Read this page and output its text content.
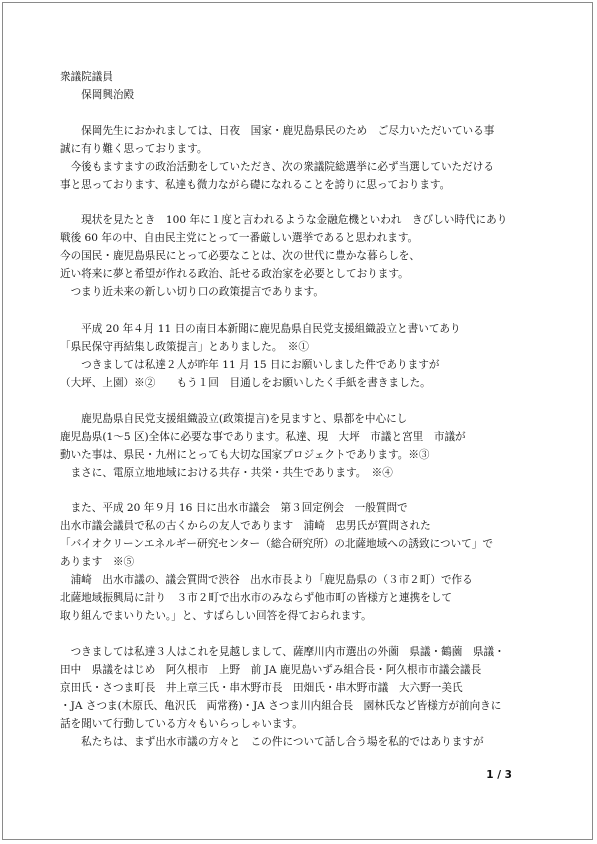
衆議院議員
　　保岡興治殿
　　保岡先生におかれましては、日夜　国家・鹿児島県民のため　ご尽力いただいている事
誠に有り難く思っております。
　今後もますますの政治活動をしていただき、次の衆議院総選挙に必ず当選していただける
事と思っております、私達も微力ながら礎になれることを誇りに思っております。
　　現状を見たとき　100 年に１度と言われるような金融危機といわれ　きびしい時代にあり
戦後 60 年の中、自由民主党にとって一番厳しい選挙であると思われます。
今の国民・鹿児島県民にとって必要なことは、次の世代に豊かな暮らしを、
近い将来に夢と希望が作れる政治、託せる政治家を必要としております。
　つまり近未来の新しい切り口の政策提言であります。
　　平成 20 年４月 11 日の南日本新聞に鹿児島県自民党支援組織設立と書いてあり
「県民保守再結集し政策提言」とありました。　※①
　　つきましては私達２人が昨年 11 月 15 日にお願いしました件でありますが
（大坪、上園）※②　　もう１回　目通しをお願いしたく手紙を書きました。
　　鹿児島県自民党支援組織設立(政策提言)を見ますと、県都を中心にし
鹿児島県(1～5 区)全体に必要な事であります。私達、現　大坪　市議と宮里　市議が
動いた事は、県民・九州にとっても大切な国家プロジェクトであります。※③
　まさに、電原立地地域における共存・共栄・共生であります。　※④
　また、平成 20 年９月 16 日に出水市議会　第３回定例会　一般質問で
出水市議会議員で私の古くからの友人であります　浦崎　忠男氏が質問された
「バイオクリーンエネルギー研究センター（総合研究所）の北薩地域への誘致について」で
あります　※⑤
　浦崎　出水市議の、議会質問で渋谷　出水市長より「鹿児島県の（３市２町）で作る
北薩地域振興局に計り　３市２町で出水市のみならず他市町の皆様方と連携をして
取り組んでまいりたい。」と、すばらしい回答を得ておられます。
　つきましては私達３人はこれを見越しまして、薩摩川内市選出の外薗　県議・鶴薗　県議・
田中　県議をはじめ　阿久根市　上野　前 JA 鹿児島いずみ組合長・阿久根市市議会議長
京田氏・さつま町長　井上章三氏・串木野市長　田畑氏・串木野市議　大六野一美氏
・JA さつま(木原氏、亀沢氏　両常務)・JA さつま川内組合長　園林氏など皆様方が前向きに
話を聞いて行動している方々もいらっしゃいます。
　　私たちは、まず出水市議の方々と　この件について話し合う場を私的ではありますが
1 / 3
